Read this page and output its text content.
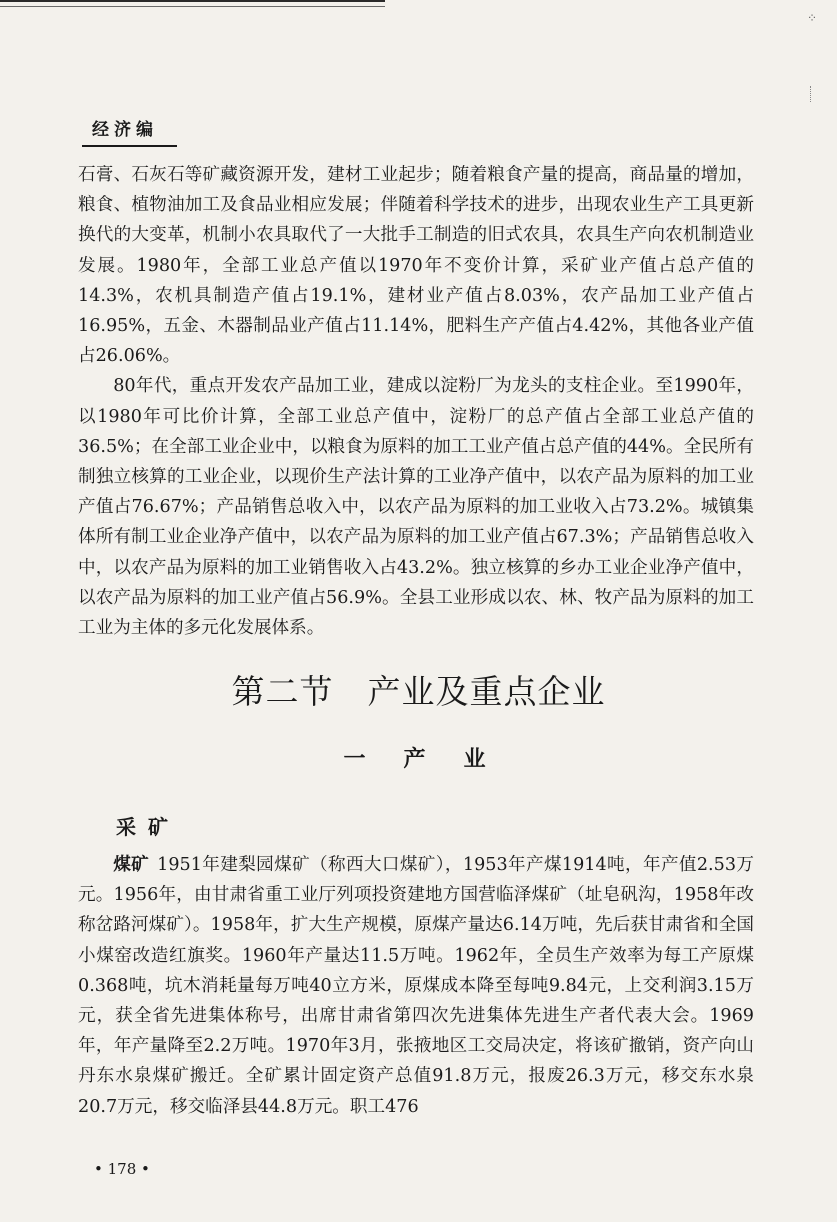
⁘
经济编

石膏、石灰石等矿藏资源开发，建材工业起步；随着粮食产量的提高，商品量的增加，粮食、植物油加工及食品业相应发展；伴随着科学技术的进步，出现农业生产工具更新换代的大变革，机制小农具取代了一大批手工制造的旧式农具，农具生产向农机制造业发展。1980年，全部工业总产值以1970年不变价计算，采矿业产值占总产值的14.3%，农机具制造产值占19.1%，建材业产值占8.03%，农产品加工业产值占16.95%，五金、木器制品业产值占11.14%，肥料生产产值占4.42%，其他各业产值占26.06%。

80年代，重点开发农产品加工业，建成以淀粉厂为龙头的支柱企业。至1990年，以1980年可比价计算，全部工业总产值中，淀粉厂的总产值占全部工业总产值的36.5%；在全部工业企业中，以粮食为原料的加工工业产值占总产值的44%。全民所有制独立核算的工业企业，以现价生产法计算的工业净产值中，以农产品为原料的加工业产值占76.67%；产品销售总收入中，以农产品为原料的加工业收入占73.2%。城镇集体所有制工业企业净产值中，以农产品为原料的加工业产值占67.3%；产品销售总收入中，以农产品为原料的加工业销售收入占43.2%。独立核算的乡办工业企业净产值中，以农产品为原料的加工业产值占56.9%。全县工业形成以农、林、牧产品为原料的加工工业为主体的多元化发展体系。

第二节　产业及重点企业
一产业
采矿

煤矿 1951年建梨园煤矿（称西大口煤矿），1953年产煤1914吨，年产值2.53万元。1956年，由甘肃省重工业厅列项投资建地方国营临泽煤矿（址皂矾沟，1958年改称岔路河煤矿）。1958年，扩大生产规模，原煤产量达6.14万吨，先后获甘肃省和全国小煤窑改造红旗奖。1960年产量达11.5万吨。1962年，全员生产效率为每工产原煤0.368吨，坑木消耗量每万吨40立方米，原煤成本降至每吨9.84元，上交利润3.15万元，获全省先进集体称号，出席甘肃省第四次先进集体先进生产者代表大会。1969年，年产量降至2.2万吨。1970年3月，张掖地区工交局决定，将该矿撤销，资产向山丹东水泉煤矿搬迁。全矿累计固定资产总值91.8万元，报废26.3万元，移交东水泉20.7万元，移交临泽县44.8万元。职工476

• 178 •
